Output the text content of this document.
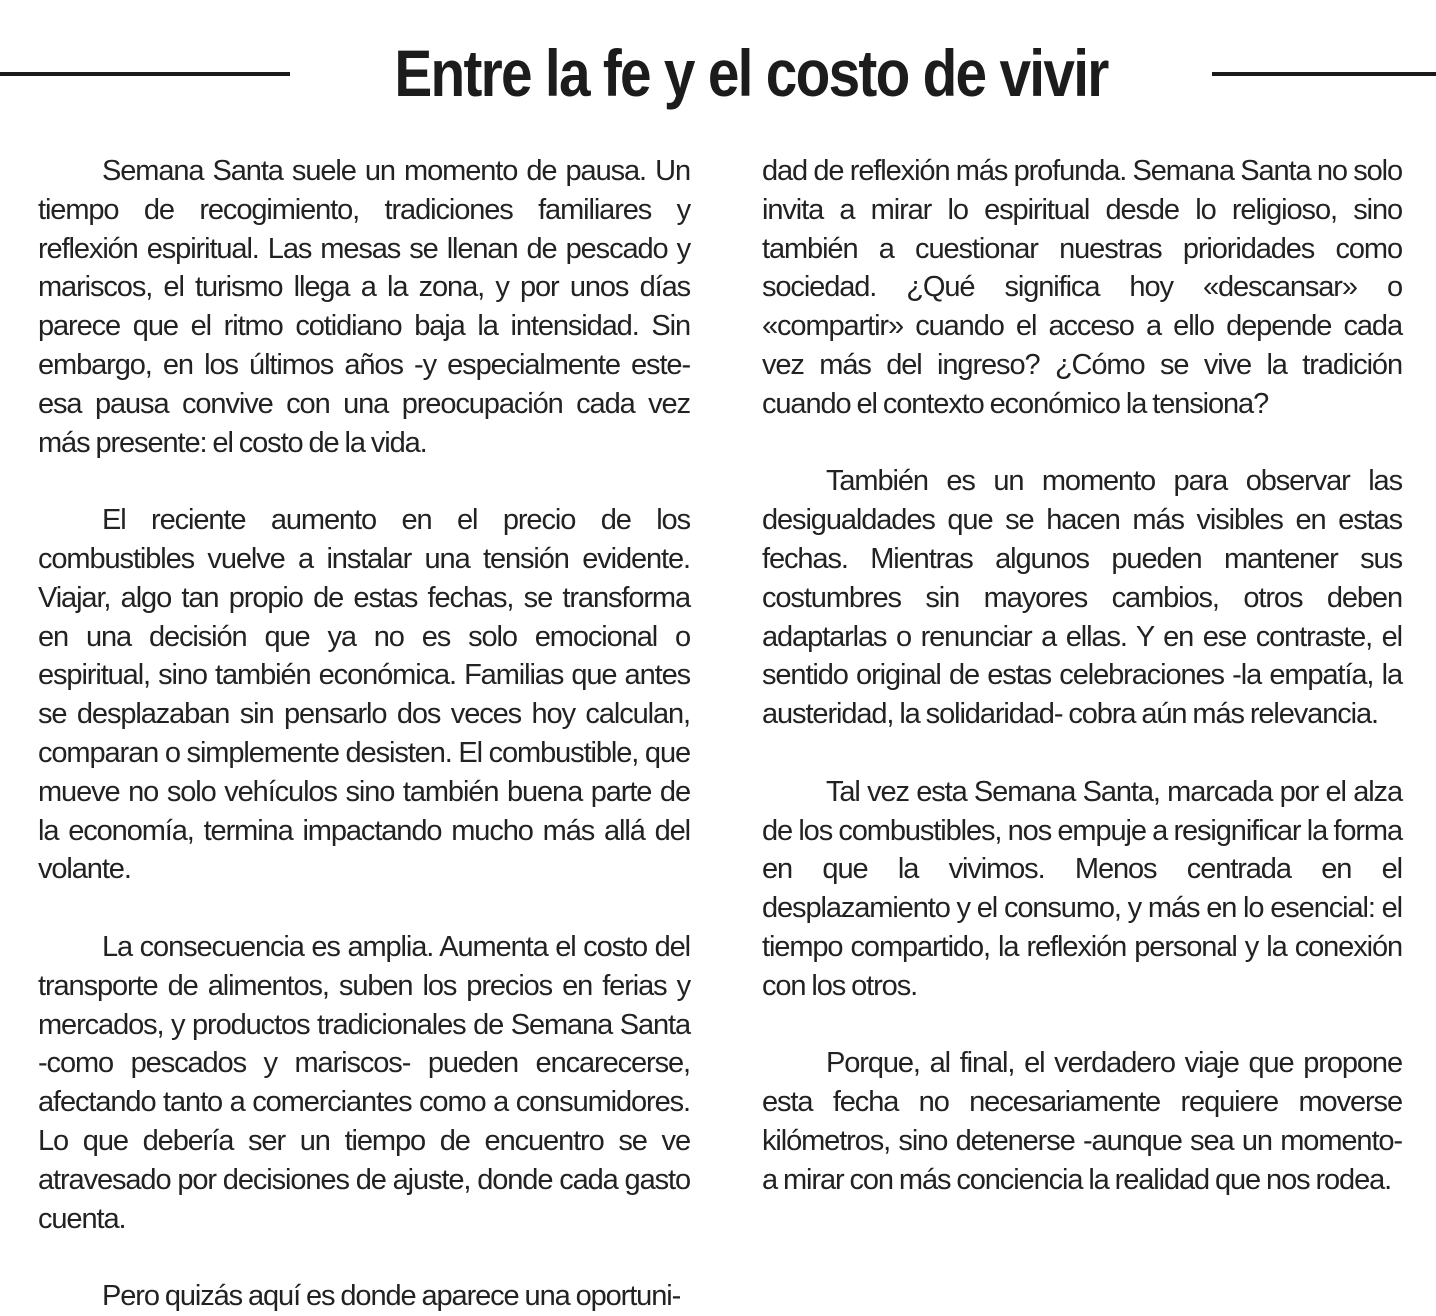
Entre la fe y el costo de vivir

Semana Santa suele un momento de pausa. Un tiempo de recogimiento, tradiciones familiares y reflexión espiritual. Las mesas se llenan de pescado y mariscos, el turismo llega a la zona, y por unos días parece que el ritmo cotidiano baja la intensidad. Sin embargo, en los últimos años -y especialmente este- esa pausa convive con una preocupación cada vez más presente: el costo de la vida.

El reciente aumento en el precio de los combustibles vuelve a instalar una tensión evidente. Viajar, algo tan propio de estas fechas, se transforma en una decisión que ya no es solo emocional o espiritual, sino también económica. Familias que antes se desplazaban sin pensarlo dos veces hoy calculan, comparan o simplemente desisten. El combustible, que mueve no solo vehículos sino también buena parte de la economía, termina impactando mucho más allá del volante.

La consecuencia es amplia. Aumenta el costo del transporte de alimentos, suben los precios en ferias y mercados, y productos tradicionales de Semana Santa -como pescados y mariscos- pueden encarecerse, afectando tanto a comerciantes como a consumidores. Lo que debería ser un tiempo de encuentro se ve atravesado por decisiones de ajuste, donde cada gasto cuenta.

Pero quizás aquí es donde aparece una oportuni-

dad de reflexión más profunda. Semana Santa no solo invita a mirar lo espiritual desde lo religioso, sino también a cuestionar nuestras prioridades como sociedad. ¿Qué significa hoy «descansar» o «compartir» cuando el acceso a ello depende cada vez más del ingreso? ¿Cómo se vive la tradición cuando el contexto económico la tensiona?

También es un momento para observar las desigualdades que se hacen más visibles en estas fechas. Mientras algunos pueden mantener sus costumbres sin mayores cambios, otros deben adaptarlas o renunciar a ellas. Y en ese contraste, el sentido original de estas celebraciones -la empatía, la austeridad, la solidaridad- cobra aún más relevancia.

Tal vez esta Semana Santa, marcada por el alza de los combustibles, nos empuje a resignificar la forma en que la vivimos. Menos centrada en el desplazamiento y el consumo, y más en lo esencial: el tiempo compartido, la reflexión personal y la conexión con los otros.

Porque, al final, el verdadero viaje que propone esta fecha no necesariamente requiere moverse kilómetros, sino detenerse -aunque sea un momento- a mirar con más conciencia la realidad que nos rodea.
